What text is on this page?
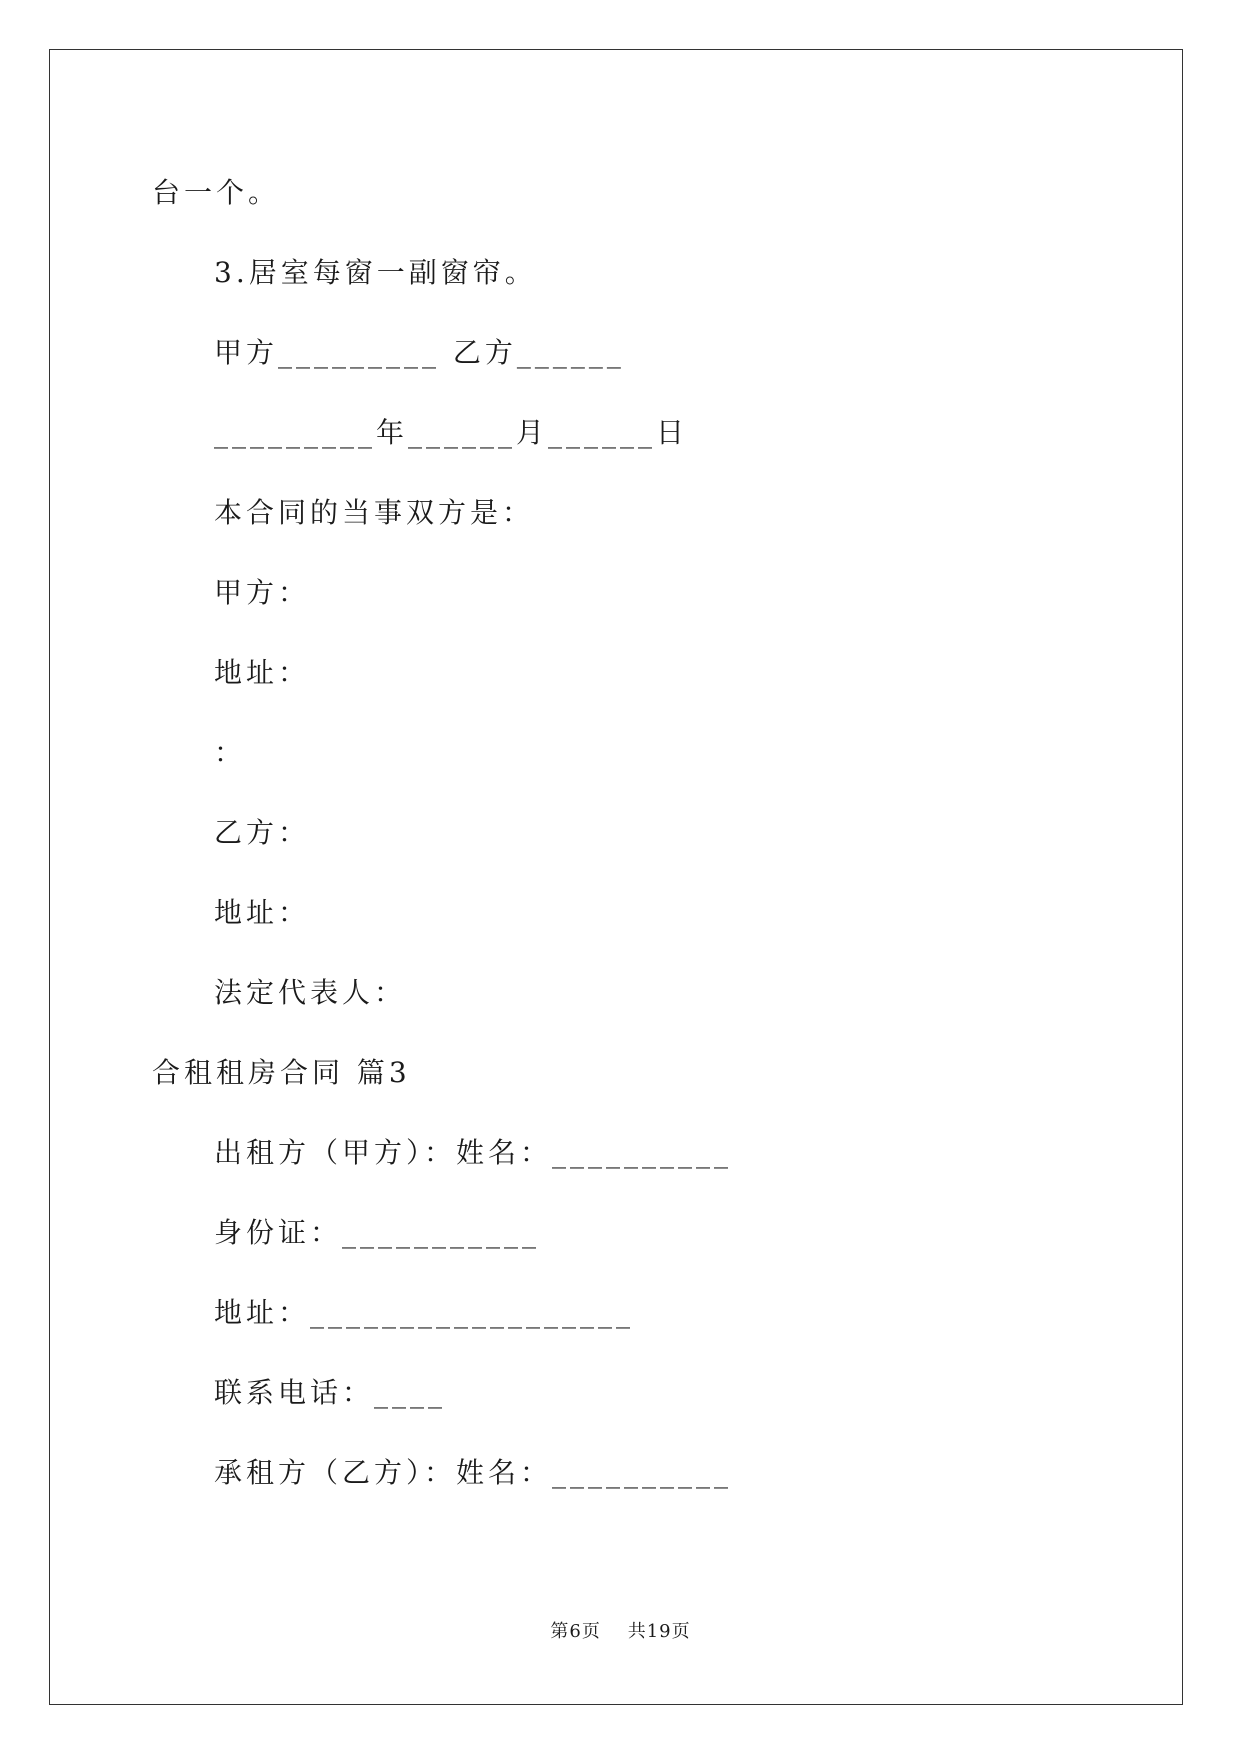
台一个。
3.居室每窗一副窗帘。
甲方_________ 乙方______
_________年______月______日
本合同的当事双方是：
甲方：
地址：
：
乙方：
地址：
法定代表人：
合租租房合同 篇3
出租方（甲方）：姓名：__________
身份证：___________
地址：__________________
联系电话：____
承租方（乙方）：姓名：__________
第6页    共19页
